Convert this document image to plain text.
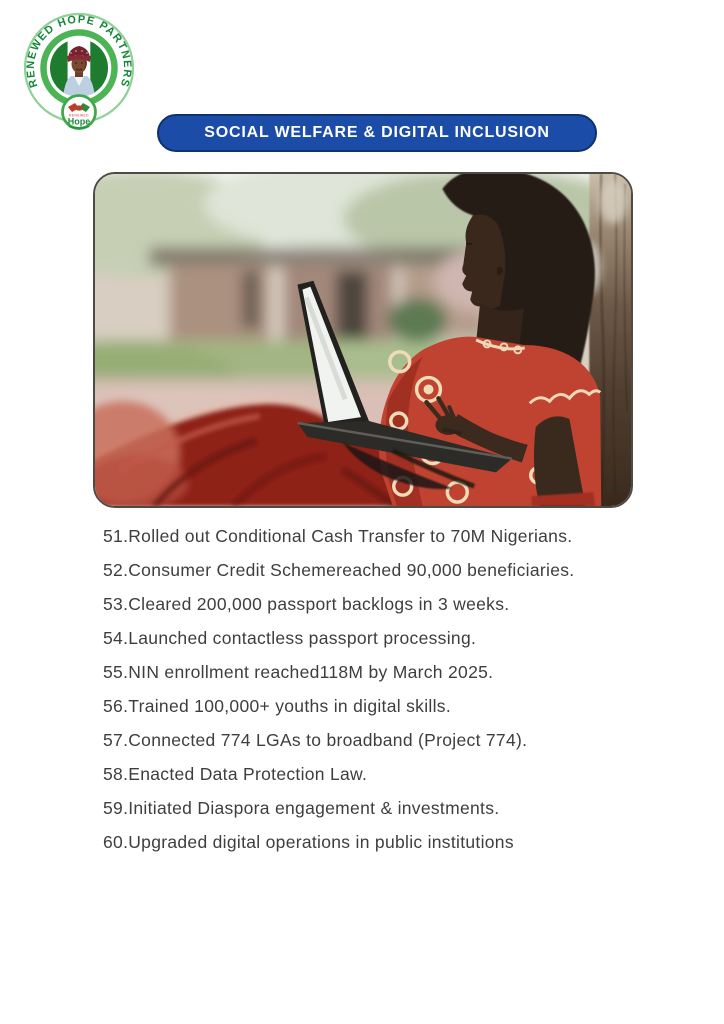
RENEWED HOPE PARTNERS
RENEWED
Hope
SOCIAL WELFARE & DIGITAL INCLUSION
51.Rolled out Conditional Cash Transfer to 70M Nigerians.
52.Consumer Credit Schemereached 90,000 beneficiaries.
53.Cleared 200,000 passport backlogs in 3 weeks.
54.Launched contactless passport processing.
55.NIN enrollment reached118M by March 2025.
56.Trained 100,000+ youths in digital skills.
57.Connected 774 LGAs to broadband (Project 774).
58.Enacted Data Protection Law.
59.Initiated Diaspora engagement & investments.
60.Upgraded digital operations in public institutions
